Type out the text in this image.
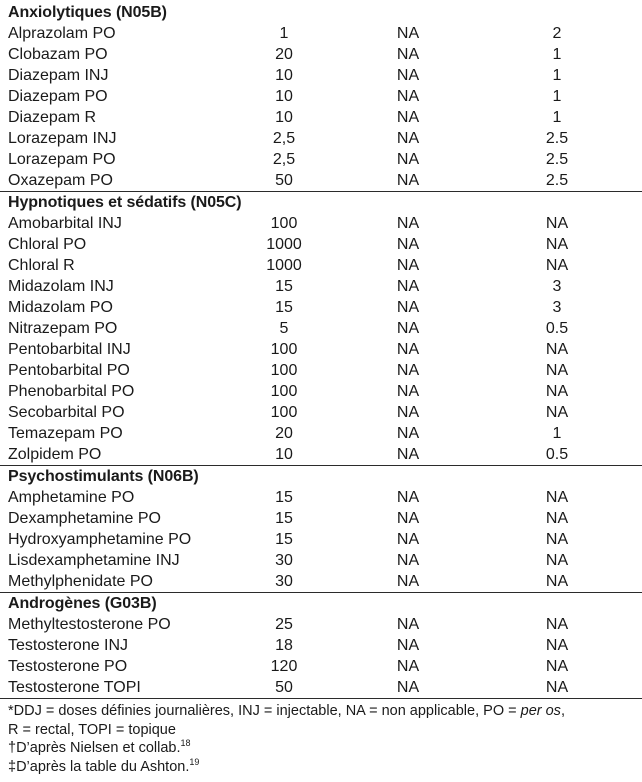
Anxiolytiques (N05B)
Alprazolam PO	1	NA	2
Clobazam PO	20	NA	1
Diazepam INJ	10	NA	1
Diazepam PO	10	NA	1
Diazepam R	10	NA	1
Lorazepam INJ	2,5	NA	2.5
Lorazepam PO	2,5	NA	2.5
Oxazepam PO	50	NA	2.5
Hypnotiques et sédatifs (N05C)
Amobarbital INJ	100	NA	NA
Chloral PO	1000	NA	NA
Chloral R	1000	NA	NA
Midazolam INJ	15	NA	3
Midazolam PO	15	NA	3
Nitrazepam PO	5	NA	0.5
Pentobarbital INJ	100	NA	NA
Pentobarbital PO	100	NA	NA
Phenobarbital PO	100	NA	NA
Secobarbital PO	100	NA	NA
Temazepam PO	20	NA	1
Zolpidem PO	10	NA	0.5
Psychostimulants (N06B)
Amphetamine PO	15	NA	NA
Dexamphetamine PO	15	NA	NA
Hydroxyamphetamine PO	15	NA	NA
Lisdexamphetamine INJ	30	NA	NA
Methylphenidate PO	30	NA	NA
Androgènes (G03B)
Methyltestosterone PO	25	NA	NA
Testosterone INJ	18	NA	NA
Testosterone PO	120	NA	NA
Testosterone TOPI	50	NA	NA
*DDJ = doses définies journalières, INJ = injectable, NA = non applicable, PO = per os,
R = rectal, TOPI = topique
†D’après Nielsen et collab.$^{18}$
‡D’après la table du Ashton.$^{19}$
